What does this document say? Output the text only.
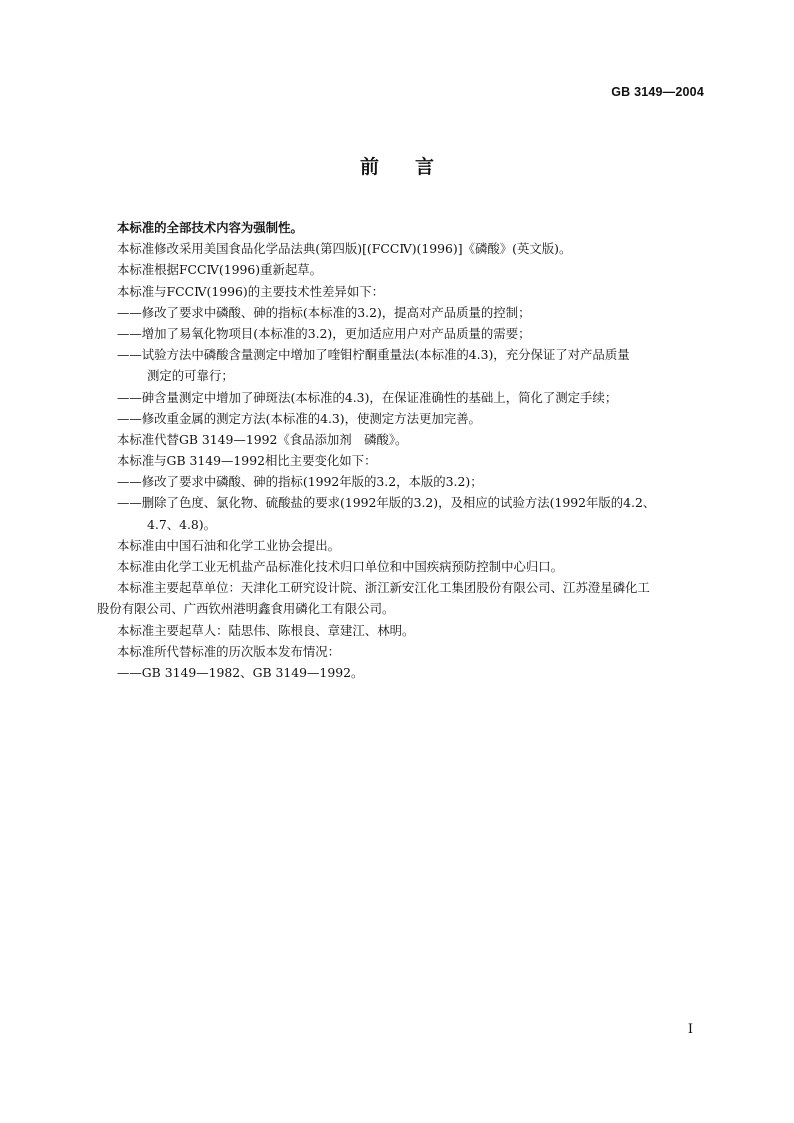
GB 3149—2004
前言
本标准的全部技术内容为强制性。
本标准修改采用美国食品化学品法典(第四版)[(FCCⅣ)(1996)]《磷酸》(英文版)。
本标准根据FCCⅣ(1996)重新起草。
本标准与FCCⅣ(1996)的主要技术性差异如下：
——修改了要求中磷酸、砷的指标(本标准的3.2)，提高对产品质量的控制；
——增加了易氧化物项目(本标准的3.2)，更加适应用户对产品质量的需要；
——试验方法中磷酸含量测定中增加了喹钼柠酮重量法(本标准的4.3)，充分保证了对产品质量
测定的可靠行；
——砷含量测定中增加了砷斑法(本标准的4.3)，在保证准确性的基础上，简化了测定手续；
——修改重金属的测定方法(本标准的4.3)，使测定方法更加完善。
本标准代替GB 3149—1992《食品添加剂　磷酸》。
本标准与GB 3149—1992相比主要变化如下：
——修改了要求中磷酸、砷的指标(1992年版的3.2，本版的3.2)；
——删除了色度、氯化物、硫酸盐的要求(1992年版的3.2)，及相应的试验方法(1992年版的4.2、
4.7、4.8)。
本标准由中国石油和化学工业协会提出。
本标准由化学工业无机盐产品标准化技术归口单位和中国疾病预防控制中心归口。
本标准主要起草单位：天津化工研究设计院、浙江新安江化工集团股份有限公司、江苏澄星磷化工
股份有限公司、广西钦州港明鑫食用磷化工有限公司。
本标准主要起草人：陆思伟、陈根良、章建江、林明。
本标准所代替标准的历次版本发布情况：
——GB 3149—1982、GB 3149—1992。
I
